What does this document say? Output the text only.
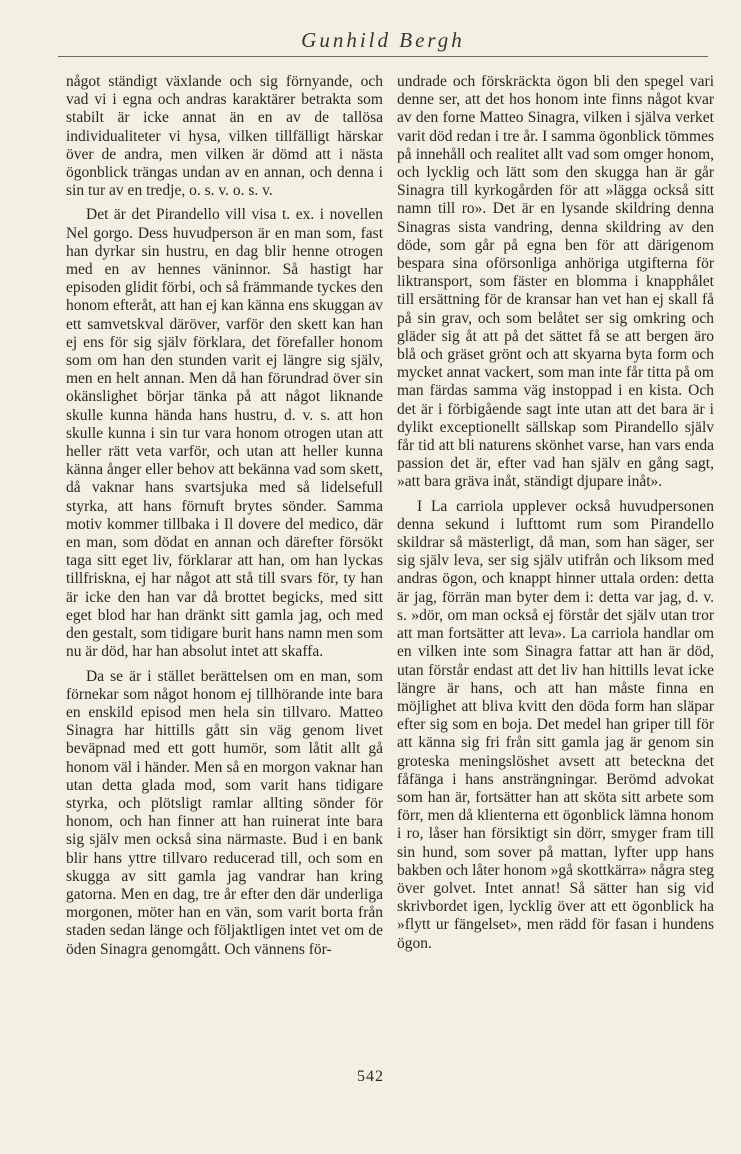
Gunhild Bergh

något ständigt växlande och sig förnyande, och vad vi i egna och andras karaktärer betrakta som stabilt är icke annat än en av de tallösa individualiteter vi hysa, vilken tillfälligt härskar över de andra, men vilken är dömd att i nästa ögonblick trängas undan av en annan, och denna i sin tur av en tredje, o. s. v. o. s. v.

Det är det Pirandello vill visa t. ex. i novellen Nel gorgo. Dess huvudperson är en man som, fast han dyrkar sin hustru, en dag blir henne otrogen med en av hennes väninnor. Så hastigt har episoden glidit förbi, och så främmande tyckes den honom efteråt, att han ej kan känna ens skuggan av ett samvetskval däröver, varför den skett kan han ej ens för sig själv förklara, det förefaller honom som om han den stunden varit ej längre sig själv, men en helt annan. Men då han förundrad över sin okänslighet börjar tänka på att något liknande skulle kunna hända hans hustru, d. v. s. att hon skulle kunna i sin tur vara honom otrogen utan att heller rätt veta varför, och utan att heller kunna känna ånger eller behov att bekänna vad som skett, då vaknar hans svartsjuka med så lidelsefull styrka, att hans förnuft brytes sönder. Samma motiv kommer tillbaka i Il dovere del medico, där en man, som dödat en annan och därefter försökt taga sitt eget liv, förklarar att han, om han lyckas tillfriskna, ej har något att stå till svars för, ty han är icke den han var då brottet begicks, med sitt eget blod har han dränkt sitt gamla jag, och med den gestalt, som tidigare burit hans namn men som nu är död, har han absolut intet att skaffa.

Da se är i stället berättelsen om en man, som förnekar som något honom ej tillhörande inte bara en enskild episod men hela sin tillvaro. Matteo Sinagra har hittills gått sin väg genom livet beväpnad med ett gott humör, som låtit allt gå honom väl i händer. Men så en morgon vaknar han utan detta glada mod, som varit hans tidigare styrka, och plötsligt ramlar allting sönder för honom, och han finner att han ruinerat inte bara sig själv men också sina närmaste. Bud i en bank blir hans yttre tillvaro reducerad till, och som en skugga av sitt gamla jag vandrar han kring gatorna. Men en dag, tre år efter den där underliga morgonen, möter han en vän, som varit borta från staden sedan länge och följaktligen intet vet om de öden Sinagra genomgått. Och vännens för-

undrade och förskräckta ögon bli den spegel vari denne ser, att det hos honom inte finns något kvar av den forne Matteo Sinagra, vilken i själva verket varit död redan i tre år. I samma ögonblick tömmes på innehåll och realitet allt vad som omger honom, och lycklig och lätt som den skugga han är går Sinagra till kyrkogården för att »lägga också sitt namn till ro». Det är en lysande skildring denna Sinagras sista vandring, denna skildring av den döde, som går på egna ben för att därigenom bespara sina oförsonliga anhöriga utgifterna för liktransport, som fäster en blomma i knapphålet till ersättning för de kransar han vet han ej skall få på sin grav, och som belåtet ser sig omkring och gläder sig åt att på det sättet få se att bergen äro blå och gräset grönt och att skyarna byta form och mycket annat vackert, som man inte får titta på om man färdas samma väg instoppad i en kista. Och det är i förbigående sagt inte utan att det bara är i dylikt exceptionellt sällskap som Pirandello själv får tid att bli naturens skönhet varse, han vars enda passion det är, efter vad han själv en gång sagt, »att bara gräva inåt, ständigt djupare inåt».

I La carriola upplever också huvudpersonen denna sekund i lufttomt rum som Pirandello skildrar så mästerligt, då man, som han säger, ser sig själv leva, ser sig själv utifrån och liksom med andras ögon, och knappt hinner uttala orden: detta är jag, förrän man byter dem i: detta var jag, d. v. s. »dör, om man också ej förstår det själv utan tror att man fortsätter att leva». La carriola handlar om en vilken inte som Sinagra fattar att han är död, utan förstår endast att det liv han hittills levat icke längre är hans, och att han måste finna en möjlighet att bliva kvitt den döda form han släpar efter sig som en boja. Det medel han griper till för att känna sig fri från sitt gamla jag är genom sin groteska meningslöshet avsett att beteckna det fåfänga i hans ansträngningar. Berömd advokat som han är, fortsätter han att sköta sitt arbete som förr, men då klienterna ett ögonblick lämna honom i ro, låser han försiktigt sin dörr, smyger fram till sin hund, som sover på mattan, lyfter upp hans bakben och låter honom »gå skottkärra» några steg över golvet. Intet annat! Så sätter han sig vid skrivbordet igen, lycklig över att ett ögonblick ha »flytt ur fängelset», men rädd för fasan i hundens ögon.

542
